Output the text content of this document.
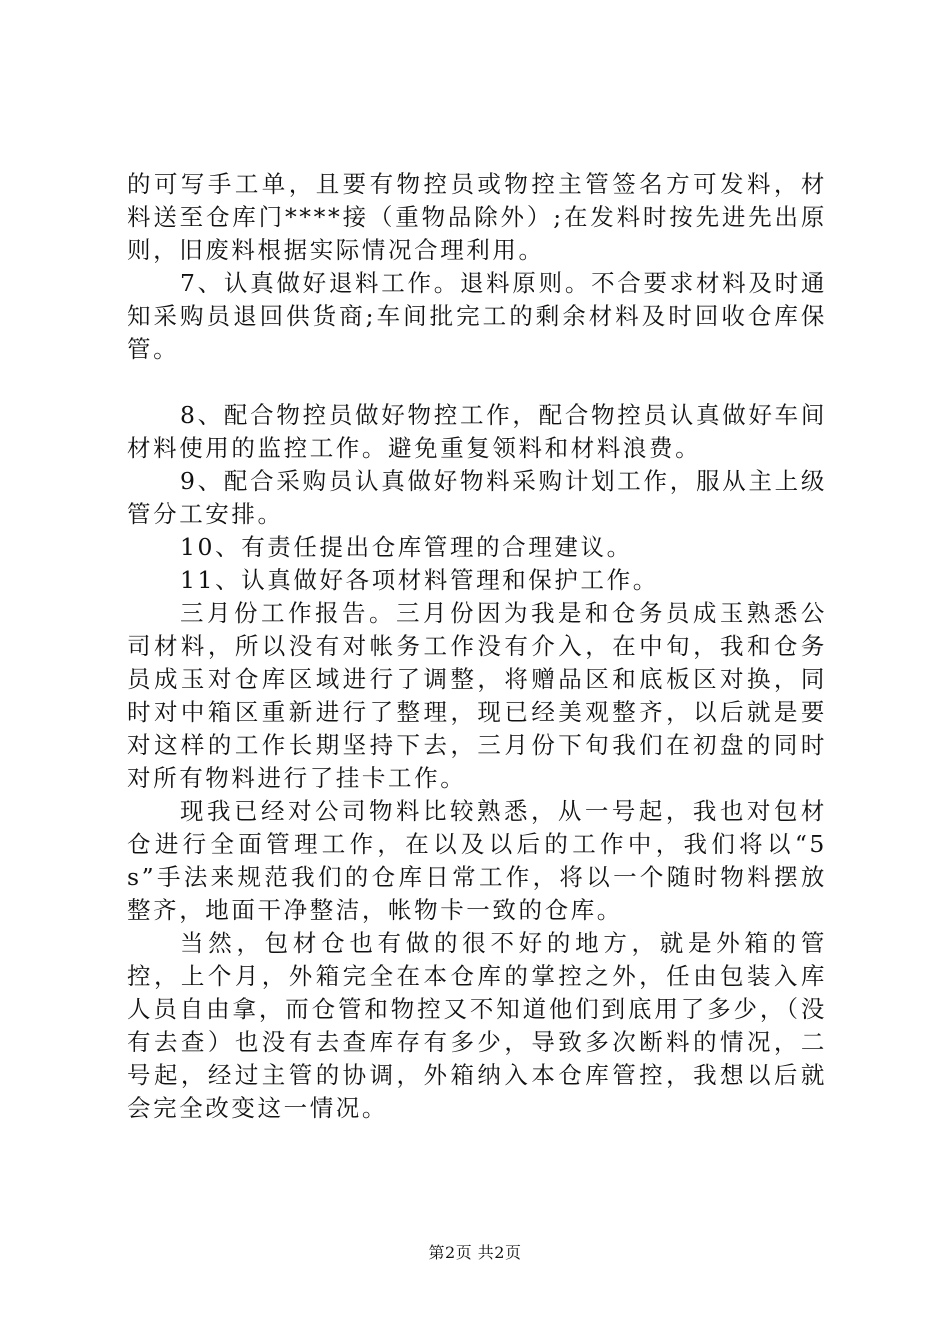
的可写手工单，且要有物控员或物控主管签名方可发料，材料送至仓库门****接（重物品除外）;在发料时按先进先出原则，旧废料根据实际情况合理利用。

7、认真做好退料工作。退料原则。不合要求材料及时通知采购员退回供货商;车间批完工的剩余材料及时回收仓库保管。

8、配合物控员做好物控工作，配合物控员认真做好车间材料使用的监控工作。避免重复领料和材料浪费。

9、配合采购员认真做好物料采购计划工作，服从主上级管分工安排。

10、有责任提出仓库管理的合理建议。

11、认真做好各项材料管理和保护工作。

三月份工作报告。三月份因为我是和仓务员成玉熟悉公司材料，所以没有对帐务工作没有介入，在中旬，我和仓务员成玉对仓库区域进行了调整，将赠品区和底板区对换，同时对中箱区重新进行了整理，现已经美观整齐，以后就是要对这样的工作长期坚持下去，三月份下旬我们在初盘的同时对所有物料进行了挂卡工作。

现我已经对公司物料比较熟悉，从一号起，我也对包材仓进行全面管理工作，在以及以后的工作中，我们将以“5s”手法来规范我们的仓库日常工作，将以一个随时物料摆放整齐，地面干净整洁，帐物卡一致的仓库。

当然，包材仓也有做的很不好的地方，就是外箱的管控，上个月，外箱完全在本仓库的掌控之外，任由包装入库人员自由拿，而仓管和物控又不知道他们到底用了多少，（没有去查）也没有去查库存有多少，导致多次断料的情况，二号起，经过主管的协调，外箱纳入本仓库管控，我想以后就会完全改变这一情况。

第2页 共2页
